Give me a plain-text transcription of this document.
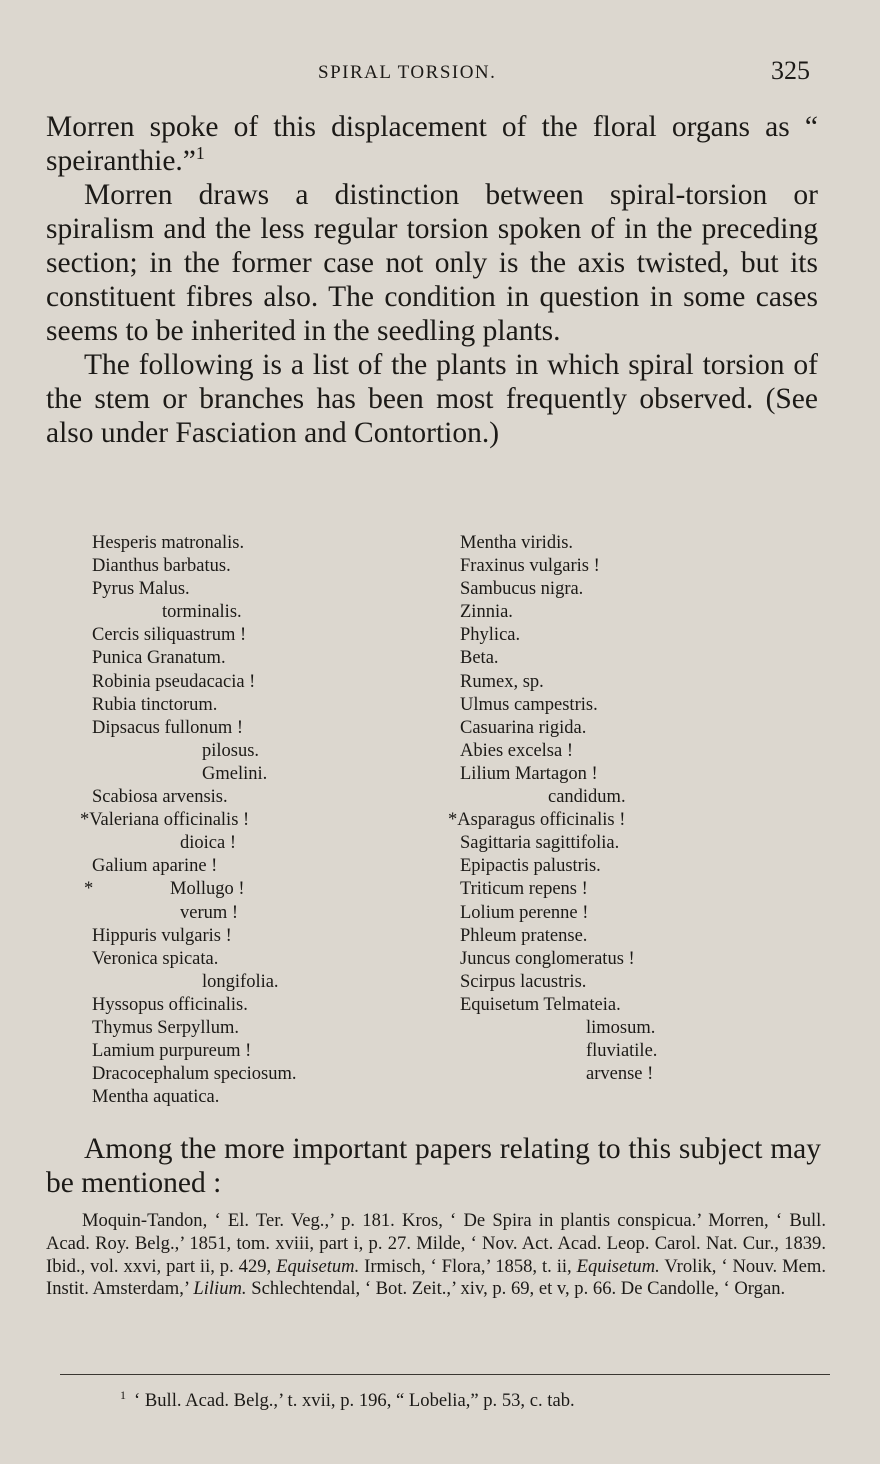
SPIRAL TORSION.	325

Morren spoke of this displacement of the floral organs as “ speiranthie.”$^1$

Morren draws a distinction between spiral-torsion or spiralism and the less regular torsion spoken of in the preceding section; in the former case not only is the axis twisted, but its constituent fibres also. The condition in question in some cases seems to be inherited in the seedling plants.

The following is a list of the plants in which spiral torsion of the stem or branches has been most frequently observed. (See also under Fasciation and Contortion.)

Hesperis matronalis.
Dianthus barbatus.
Pyrus Malus.
torminalis.
Cercis siliquastrum !
Punica Granatum.
Robinia pseudacacia !
Rubia tinctorum.
Dipsacus fullonum !
pilosus.
Gmelini.
Scabiosa arvensis.
*Valeriana officinalis !
dioica !
Galium aparine !
*	Mollugo !
verum !
Hippuris vulgaris !
Veronica spicata.
longifolia.
Hyssopus officinalis.
Thymus Serpyllum.
Lamium purpureum !
Dracocephalum speciosum.
Mentha aquatica.
Mentha viridis.
Fraxinus vulgaris !
Sambucus nigra.
Zinnia.
Phylica.
Beta.
Rumex, sp.
Ulmus campestris.
Casuarina rigida.
Abies excelsa !
Lilium Martagon !
candidum.
*Asparagus officinalis !
Sagittaria sagittifolia.
Epipactis palustris.
Triticum repens !
Lolium perenne !
Phleum pratense.
Juncus conglomeratus !
Scirpus lacustris.
Equisetum Telmateia.
limosum.
fluviatile.
arvense !

Among the more important papers relating to this subject may be mentioned :

Moquin-Tandon, ‘ El. Ter. Veg.,’ p. 181. Kros, ‘ De Spira in plantis conspicua.’ Morren, ‘ Bull. Acad. Roy. Belg.,’ 1851, tom. xviii, part i, p. 27. Milde, ‘ Nov. Act. Acad. Leop. Carol. Nat. Cur., 1839. Ibid., vol. xxvi, part ii, p. 429, Equisetum. Irmisch, ‘ Flora,’ 1858, t. ii, Equisetum. Vrolik, ‘ Nouv. Mem. Instit. Amsterdam,’ Lilium. Schlechtendal, ‘ Bot. Zeit.,’ xiv, p. 69, et v, p. 66. De Candolle, ‘ Organ.

$^1$ ‘ Bull. Acad. Belg.,’ t. xvii, p. 196, “ Lobelia,” p. 53, c. tab.
